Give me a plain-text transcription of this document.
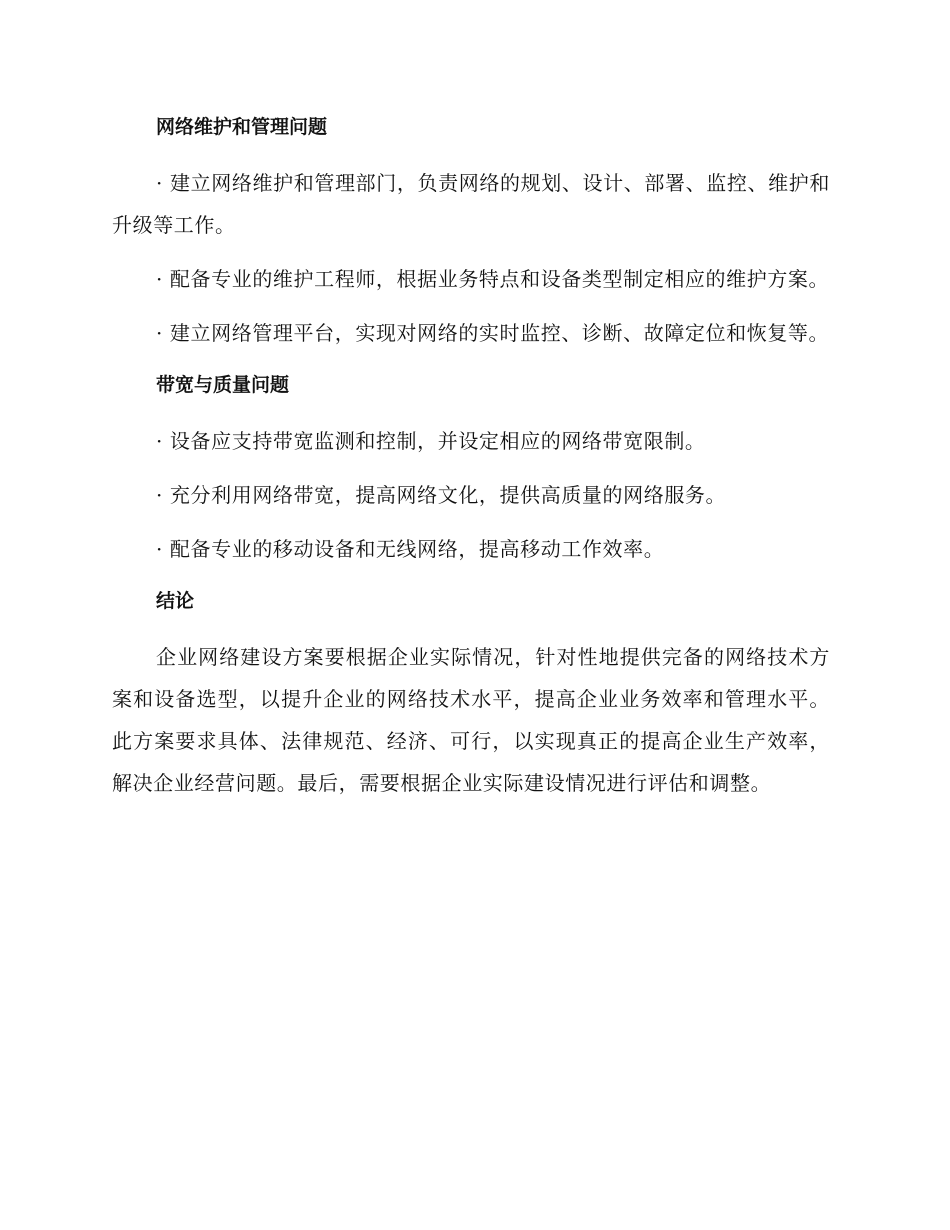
网络维护和管理问题

· 建立网络维护和管理部门，负责网络的规划、设计、部署、监控、维护和升级等工作。

· 配备专业的维护工程师，根据业务特点和设备类型制定相应的维护方案。

· 建立网络管理平台，实现对网络的实时监控、诊断、故障定位和恢复等。

带宽与质量问题

· 设备应支持带宽监测和控制，并设定相应的网络带宽限制。

· 充分利用网络带宽，提高网络文化，提供高质量的网络服务。

· 配备专业的移动设备和无线网络，提高移动工作效率。

结论

企业网络建设方案要根据企业实际情况，针对性地提供完备的网络技术方案和设备选型，以提升企业的网络技术水平，提高企业业务效率和管理水平。此方案要求具体、法律规范、经济、可行，以实现真正的提高企业生产效率，解决企业经营问题。最后，需要根据企业实际建设情况进行评估和调整。
